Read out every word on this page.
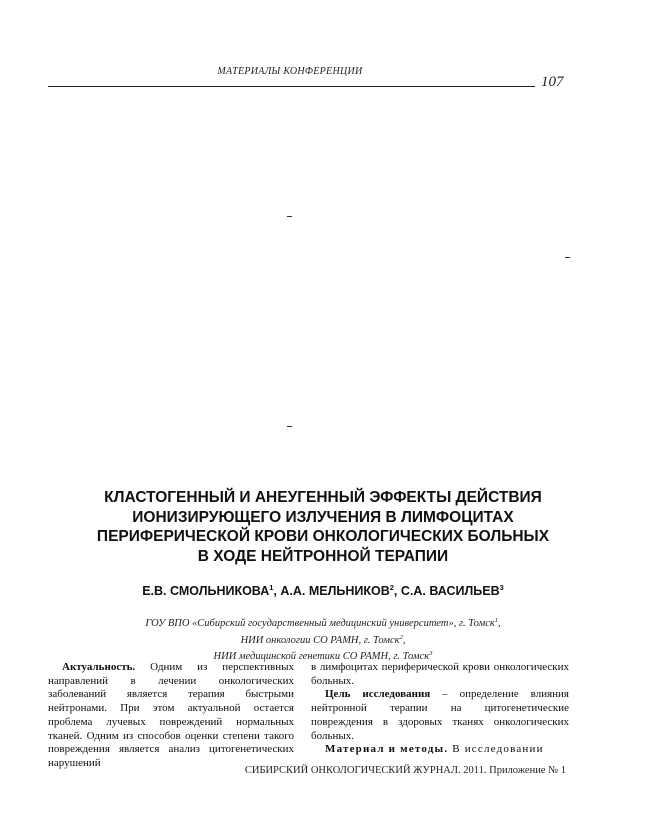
МАТЕРИАЛЫ КОНФЕРЕНЦИИ
107
КЛАСТОГЕННЫЙ И АНЕУГЕННЫЙ ЭФФЕКТЫ ДЕЙСТВИЯ
ИОНИЗИРУЮЩЕГО ИЗЛУЧЕНИЯ В ЛИМФОЦИТАХ
ПЕРИФЕРИЧЕСКОЙ КРОВИ ОНКОЛОГИЧЕСКИХ БОЛЬНЫХ
В ХОДЕ НЕЙТРОННОЙ ТЕРАПИИ
Е.В. СМОЛЬНИКОВА$^1$, А.А. МЕЛЬНИКОВ$^2$, С.А. ВАСИЛЬЕВ$^3$
ГОУ ВПО «Сибирский государственный медицинский университет», г. Томск$^1$,
НИИ онкологии СО РАМН, г. Томск$^2$,
НИИ медицинской генетики СО РАМН, г. Томск$^3$

Актуальность. Одним из перспективных направлений в лечении онкологических заболеваний является терапия быстрыми нейтронами. При этом актуальной остается проблема лучевых повреждений нормальных тканей. Одним из способов оценки степени такого повреждения является анализ цитогенетических нарушений

в лимфоцитах периферической крови онкологических больных.

Цель исследования – определение влияния нейтронной терапии на цитогенетические повреждения в здоровых тканях онкологических больных.

Материал и методы. В исследовании

СИБИРСКИЙ ОНКОЛОГИЧЕСКИЙ ЖУРНАЛ. 2011. Приложение № 1
